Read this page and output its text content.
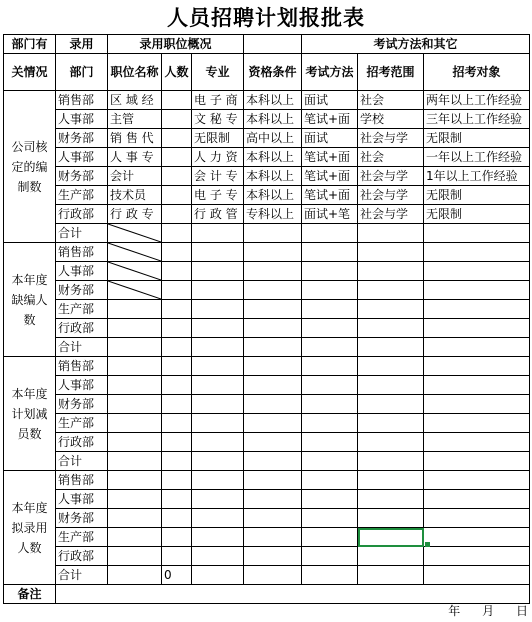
人员招聘计划报批表
部门有	录用	录用职位概况				考试方法和其它		
关情况	部门	职位名称	人数	专业	资格条件	考试方法	招考范围	招考对象
公司核定的编制数	销售部	区 域 经		电 子 商	本科以上	面试	社会	两年以上工作经验
	人事部	主管		文 秘 专	本科以上	笔试+面	学校	三年以上工作经验
	财务部	销 售 代		无限制	高中以上	面试	社会与学	无限制
	人事部	人 事 专		人 力 资	本科以上	笔试+面	社会	一年以上工作经验
	财务部	会计		会 计 专	本科以上	笔试+面	社会与学	1年以上工作经验
	生产部	技术员		电 子 专	本科以上	笔试+面	社会与学	无限制
	行政部	行 政 专		行 政 管	专科以上	面试+笔	社会与学	无限制
	合计	

本年度缺编人数	销售部	

	人事部	

	财务部	

	生产部							
	行政部							
	合计							
本年度计划减员数	销售部							
	人事部							
	财务部							
	生产部							
	行政部							
	合计							
本年度拟录用人数	销售部							
	人事部							
	财务部							
	生产部							
	行政部							
	合计		0					
备注								
年 月 日
